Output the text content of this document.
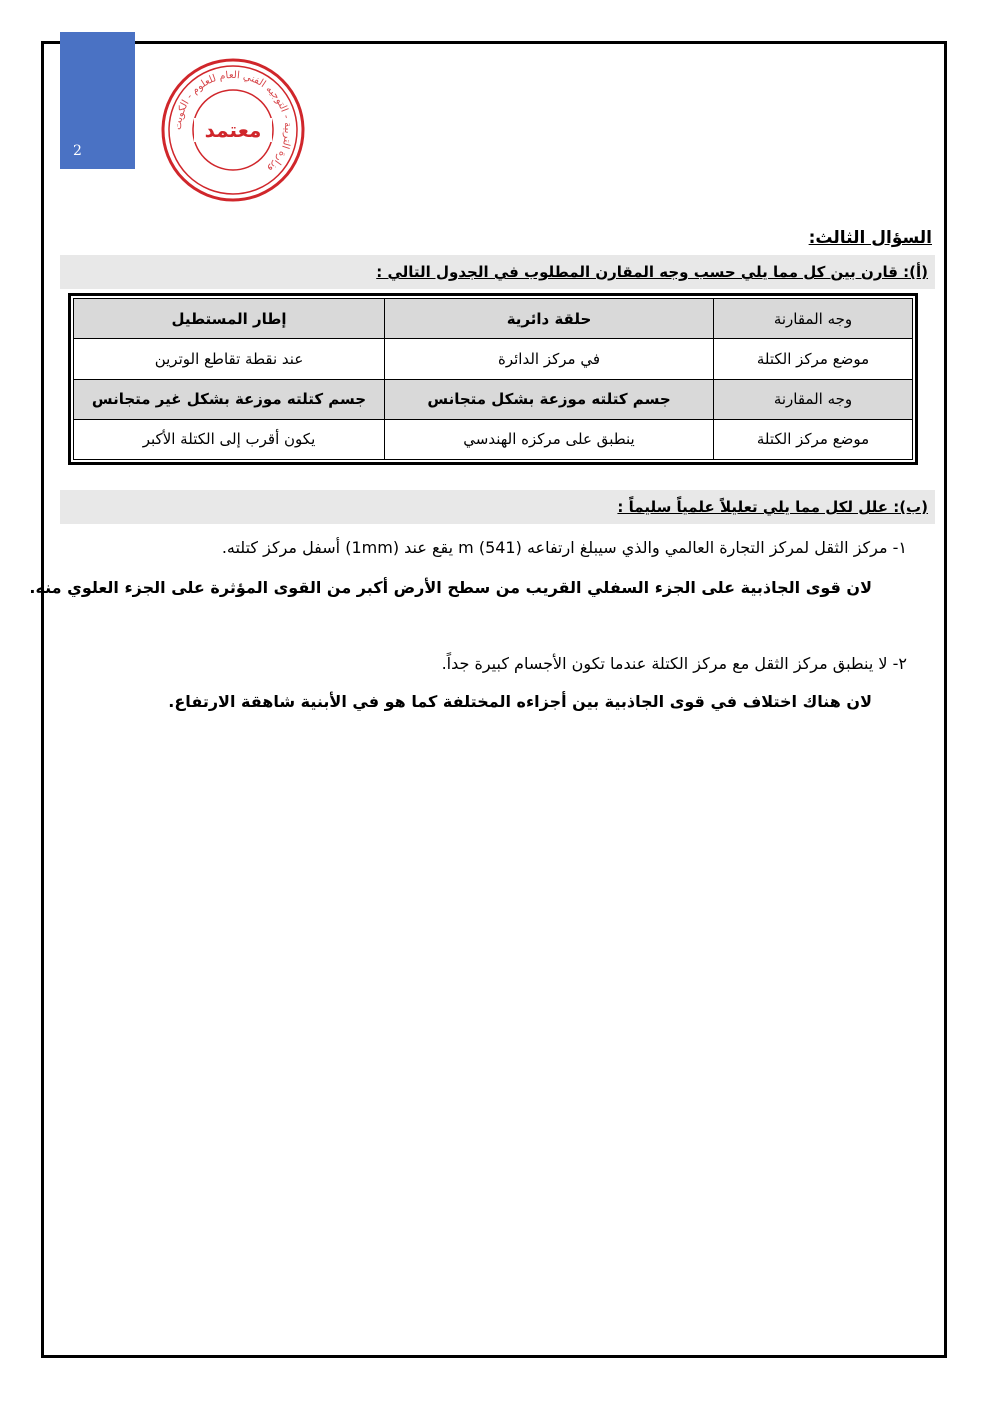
2
وزارة التربية - التوجيه الفني العام للعلوم - الكويت
معتمد
السؤال الثالث:
(أ): قارن بين كل مما يلي حسب وجه المقارن المطلوب في الجدول التالي :
وجه المقارنة	حلقة دائرية	إطار المستطيل
موضع مركز الكتلة	في مركز الدائرة	عند نقطة تقاطع الوترين
وجه المقارنة	جسم كتلته موزعة بشكل متجانس	جسم كتلته موزعة بشكل غير متجانس
موضع مركز الكتلة	ينطبق على مركزه الهندسي	يكون أقرب إلى الكتلة الأكبر
(ب): علل لكل مما يلي تعليلاً علمياً سليماً :
١- مركز الثقل لمركز التجارة العالمي والذي سيبلغ ارتفاعه m (541) يقع عند (1mm) أسفل مركز كتلته.
لان قوى الجاذبية على الجزء السفلي القريب من سطح الأرض أكبر من القوى المؤثرة على الجزء العلوي منه.
٢- لا ينطبق مركز الثقل مع مركز الكتلة عندما تكون الأجسام كبيرة جداً.
لان هناك اختلاف في قوى الجاذبية بين أجزاءه المختلفة كما هو في الأبنية شاهقة الارتفاع.
